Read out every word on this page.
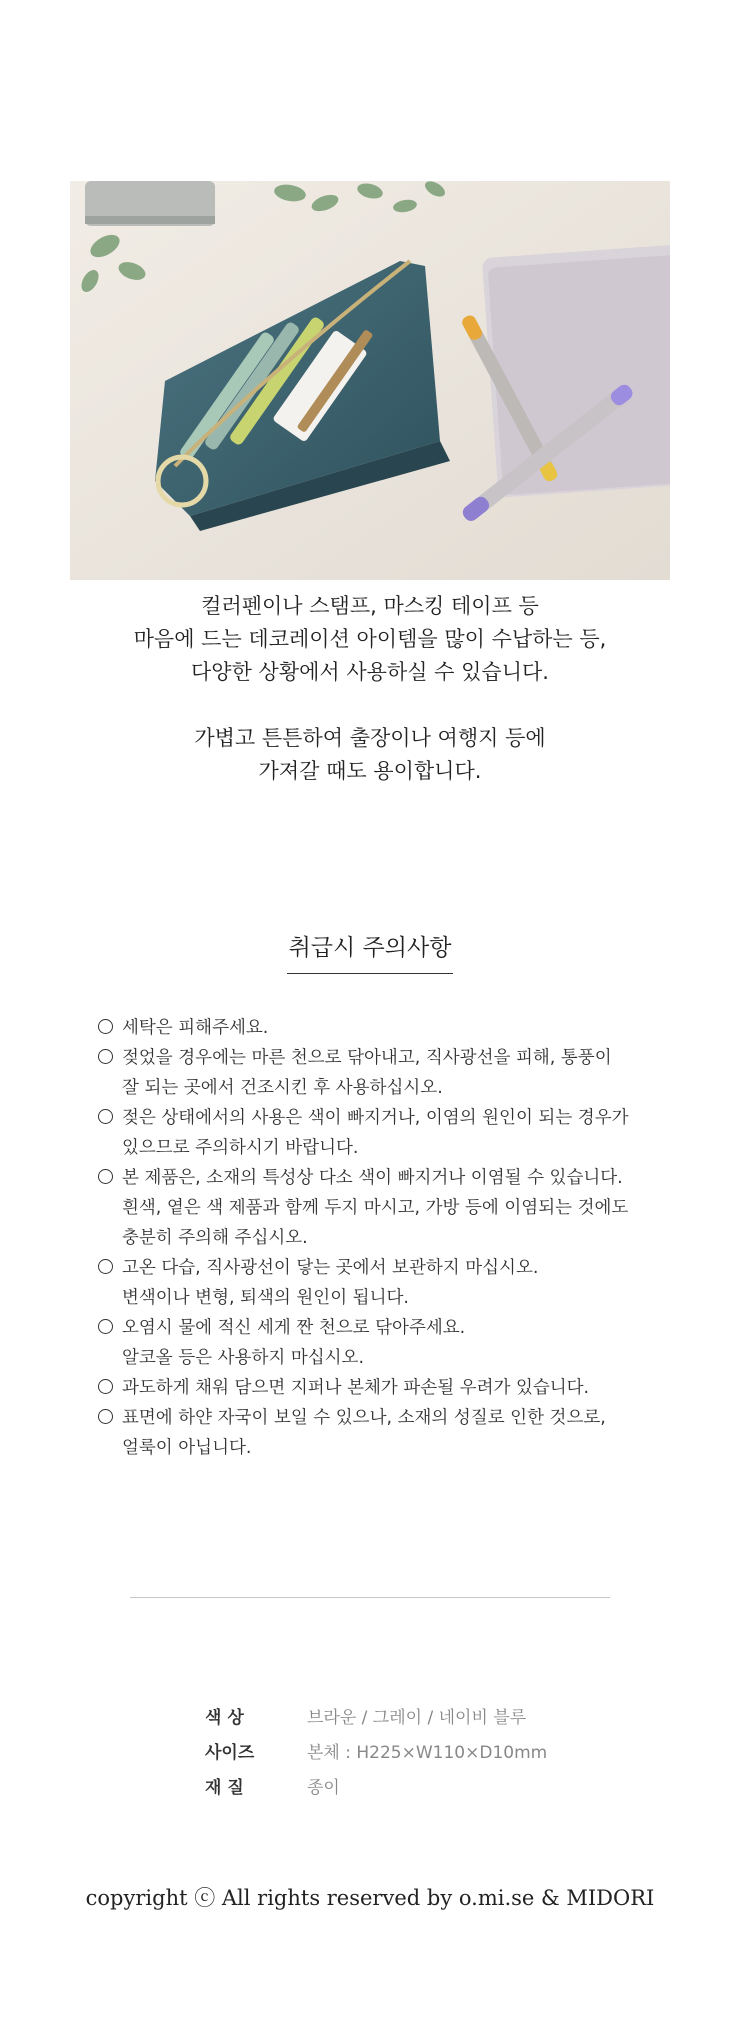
컬러펜이나 스탬프, 마스킹 테이프 등

마음에 드는 데코레이션 아이템을 많이 수납하는 등,

다양한 상황에서 사용하실 수 있습니다.

가볍고 튼튼하여 출장이나 여행지 등에

가져갈 때도 용이합니다.

취급시 주의사항
세탁은 피해주세요.
젖었을 경우에는 마른 천으로 닦아내고, 직사광선을 피해, 통풍이
잘 되는 곳에서 건조시킨 후 사용하십시오.
젖은 상태에서의 사용은 색이 빠지거나, 이염의 원인이 되는 경우가
있으므로 주의하시기 바랍니다.
본 제품은, 소재의 특성상 다소 색이 빠지거나 이염될 수 있습니다.
흰색, 옅은 색 제품과 함께 두지 마시고, 가방 등에 이염되는 것에도
충분히 주의해 주십시오.
고온 다습, 직사광선이 닿는 곳에서 보관하지 마십시오.
변색이나 변형, 퇴색의 원인이 됩니다.
오염시 물에 적신 세게 짠 천으로 닦아주세요.
알코올 등은 사용하지 마십시오.
과도하게 채워 담으면 지퍼나 본체가 파손될 우려가 있습니다.
표면에 하얀 자국이 보일 수 있으나, 소재의 성질로 인한 것으로,
얼룩이 아닙니다.
색 상	브라운 / 그레이 / 네이비 블루
사이즈	본체 : H225×W110×D10mm
재 질	종이
copyright ⓒ All rights reserved by o.mi.se & MIDORI
